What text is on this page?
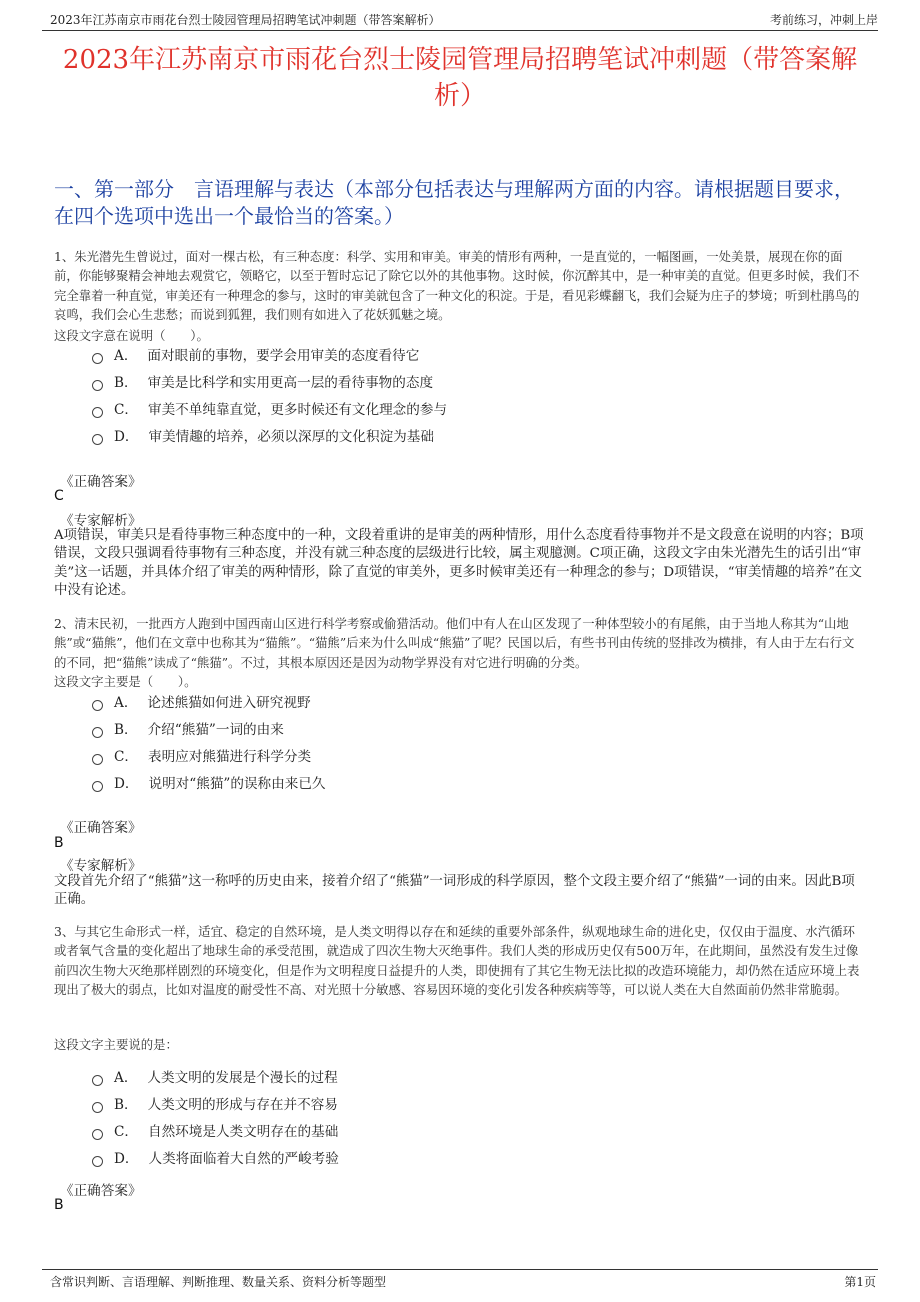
2023年江苏南京市雨花台烈士陵园管理局招聘笔试冲刺题（带答案解析）	考前练习，冲刺上岸
2023年江苏南京市雨花台烈士陵园管理局招聘笔试冲刺题（带答案解析）
一、第一部分　言语理解与表达（本部分包括表达与理解两方面的内容。请根据题目要求，在四个选项中选出一个最恰当的答案。）
1、朱光潜先生曾说过，面对一棵古松，有三种态度：科学、实用和审美。审美的情形有两种，一是直觉的，一幅图画，一处美景，展现在你的面前，你能够聚精会神地去观赏它，领略它，以至于暂时忘记了除它以外的其他事物。这时候，你沉醉其中，是一种审美的直觉。但更多时候，我们不完全靠着一种直觉，审美还有一种理念的参与，这时的审美就包含了一种文化的积淀。于是，看见彩蝶翻飞，我们会疑为庄子的梦境；听到杜鹃鸟的哀鸣，我们会心生悲愁；而说到狐狸，我们则有如进入了花妖狐魅之境。
这段文字意在说明（　　）。
A． 面对眼前的事物，要学会用审美的态度看待它
B． 审美是比科学和实用更高一层的看待事物的态度
C． 审美不单纯靠直觉，更多时候还有文化理念的参与
D． 审美情趣的培养，必须以深厚的文化积淀为基础
《正确答案》
C
《专家解析》
A项错误，审美只是看待事物三种态度中的一种，文段着重讲的是审美的两种情形，用什么态度看待事物并不是文段意在说明的内容；B项错误，文段只强调看待事物有三种态度，并没有就三种态度的层级进行比较，属主观臆测。C项正确，这段文字由朱光潜先生的话引出“审美”这一话题，并具体介绍了审美的两种情形，除了直觉的审美外，更多时候审美还有一种理念的参与；D项错误，“审美情趣的培养”在文中没有论述。
2、清末民初，一批西方人跑到中国西南山区进行科学考察或偷猎活动。他们中有人在山区发现了一种体型较小的有尾熊，由于当地人称其为“山地熊”或“猫熊”，他们在文章中也称其为“猫熊”。“猫熊”后来为什么叫成“熊猫”了呢？民国以后，有些书刊由传统的竖排改为横排，有人由于左右行文的不同，把“猫熊”读成了“熊猫”。不过，其根本原因还是因为动物学界没有对它进行明确的分类。
这段文字主要是（　　）。
A． 论述熊猫如何进入研究视野
B． 介绍“熊猫”一词的由来
C． 表明应对熊猫进行科学分类
D． 说明对“熊猫”的误称由来已久
《正确答案》
B
《专家解析》
文段首先介绍了“熊猫”这一称呼的历史由来，接着介绍了“熊猫”一词形成的科学原因，整个文段主要介绍了“熊猫”一词的由来。因此B项正确。
3、与其它生命形式一样，适宜、稳定的自然环境，是人类文明得以存在和延续的重要外部条件，纵观地球生命的进化史，仅仅由于温度、水汽循环或者氧气含量的变化超出了地球生命的承受范围，就造成了四次生物大灭绝事件。我们人类的形成历史仅有500万年，在此期间，虽然没有发生过像前四次生物大灭绝那样剧烈的环境变化，但是作为文明程度日益提升的人类，即使拥有了其它生物无法比拟的改造环境能力，却仍然在适应环境上表现出了极大的弱点，比如对温度的耐受性不高、对光照十分敏感、容易因环境的变化引发各种疾病等等，可以说人类在大自然面前仍然非常脆弱。
这段文字主要说的是：
A． 人类文明的发展是个漫长的过程
B． 人类文明的形成与存在并不容易
C． 自然环境是人类文明存在的基础
D． 人类将面临着大自然的严峻考验
《正确答案》
B
含常识判断、言语理解、判断推理、数量关系、资料分析等题型	第1页
